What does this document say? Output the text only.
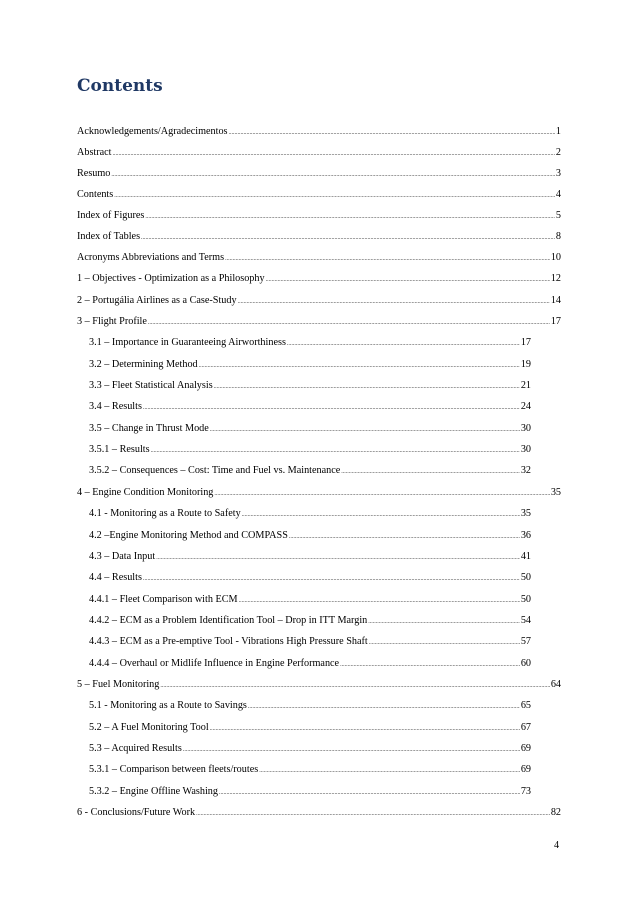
Contents
Acknowledgements/Agradecimentos .....	1
Abstract .....	2
Resumo .....	3
Contents .....	4
Index of Figures .....	5
Index of Tables .....	8
Acronyms Abbreviations and Terms .....	10
1 – Objectives - Optimization as a Philosophy .....	12
2 – Portugália Airlines as a Case-Study .....	14
3 – Flight Profile .....	17
3.1 – Importance in Guaranteeing Airworthiness .....	17
3.2 – Determining Method .....	19
3.3 – Fleet Statistical Analysis .....	21
3.4 – Results .....	24
3.5 – Change in Thrust Mode .....	30
3.5.1 – Results .....	30
3.5.2 – Consequences – Cost: Time and Fuel vs. Maintenance .....	32
4 – Engine Condition Monitoring .....	35
4.1 - Monitoring as a Route to Safety .....	35
4.2 –Engine Monitoring Method and COMPASS .....	36
4.3 – Data Input .....	41
4.4 – Results .....	50
4.4.1 – Fleet Comparison with ECM .....	50
4.4.2 – ECM as a Problem Identification Tool – Drop in ITT Margin .....	54
4.4.3 – ECM as a Pre-emptive Tool - Vibrations High Pressure Shaft .....	57
4.4.4 – Overhaul or Midlife Influence in Engine Performance .....	60
5 – Fuel Monitoring .....	64
5.1 - Monitoring as a Route to Savings .....	65
5.2 – A Fuel Monitoring Tool .....	67
5.3 – Acquired Results .....	69
5.3.1 – Comparison between fleets/routes .....	69
5.3.2 – Engine Offline Washing .....	73
6 - Conclusions/Future Work .....	82
4
